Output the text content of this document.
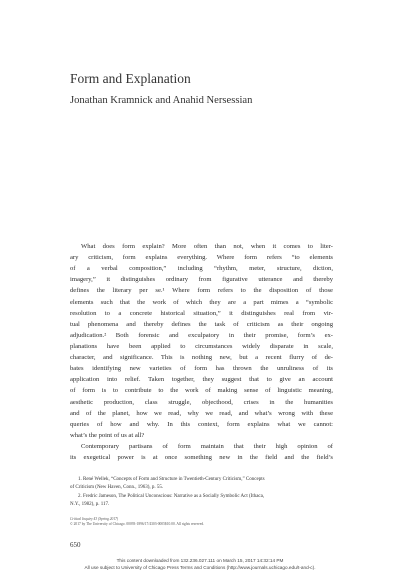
Form and Explanation
Jonathan Kramnick and Anahid Nersessian
What does form explain? More often than not, when it comes to liter-
ary criticism, form explains everything. Where form refers “to elements
of a verbal composition,” including “rhythm, meter, structure, diction,
imagery,” it distinguishes ordinary from figurative utterance and thereby
defines the literary per se.¹ Where form refers to the disposition of those
elements such that the work of which they are a part mimes a “symbolic
resolution to a concrete historical situation,” it distinguishes real from vir-
tual phenomena and thereby defines the task of criticism as their ongoing
adjudication.² Both forensic and exculpatory in their promise, form’s ex-
planations have been applied to circumstances widely disparate in scale,
character, and significance. This is nothing new, but a recent flurry of de-
bates identifying new varieties of form has thrown the unruliness of its
application into relief. Taken together, they suggest that to give an account
of form is to contribute to the work of making sense of linguistic meaning,
aesthetic production, class struggle, objecthood, crises in the humanities
and of the planet, how we read, why we read, and what’s wrong with these
queries of how and why. In this context, form explains what we cannot:
what’s the point of us at all?
Contemporary partisans of form maintain that their high opinion of
its exegetical power is at once something new in the field and the field’s
1. René Wellek, “Concepts of Form and Structure in Twentieth-Century Criticism,” Concepts
of Criticism (New Haven, Conn., 1963), p. 55.
2. Fredric Jameson, The Political Unconscious: Narrative as a Socially Symbolic Act (Ithaca,
N.Y., 1982), p. 117.
Critical Inquiry 43 (Spring 2017)
© 2017 by The University of Chicago. 00093-1896/17/4303-0005$10.00. All rights reserved.
650
This content downloaded from 132.236.027.111 on March 15, 2017 14:32:14 PM
All use subject to University of Chicago Press Terms and Conditions (http://www.journals.uchicago.edu/t-and-c).
